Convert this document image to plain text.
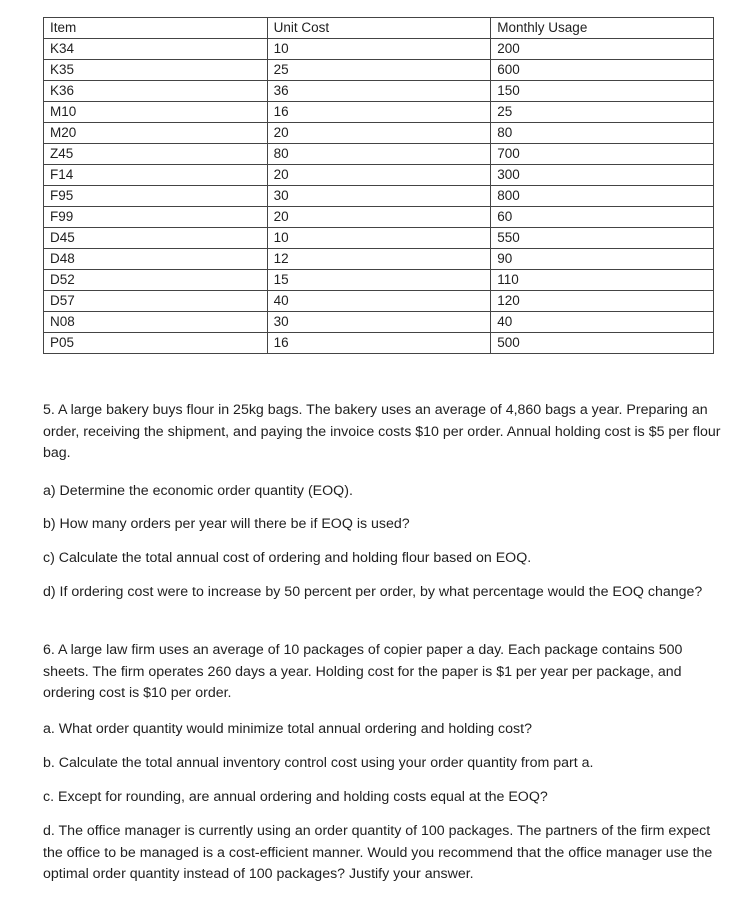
Item	Unit Cost	Monthly Usage
K34	10	200
K35	25	600
K36	36	150
M10	16	25
M20	20	80
Z45	80	700
F14	20	300
F95	30	800
F99	20	60
D45	10	550
D48	12	90
D52	15	110
D57	40	120
N08	30	40
P05	16	500

5. A large bakery buys flour in 25kg bags. The bakery uses an average of 4,860 bags a year. Preparing an order, receiving the shipment, and paying the invoice costs $10 per order. Annual holding cost is $5 per flour bag.

a) Determine the economic order quantity (EOQ).

b) How many orders per year will there be if EOQ is used?

c) Calculate the total annual cost of ordering and holding flour based on EOQ.

d) If ordering cost were to increase by 50 percent per order, by what percentage would the EOQ change?

6. A large law firm uses an average of 10 packages of copier paper a day. Each package contains 500 sheets. The firm operates 260 days a year. Holding cost for the paper is $1 per year per package, and ordering cost is $10 per order.

a. What order quantity would minimize total annual ordering and holding cost?

b. Calculate the total annual inventory control cost using your order quantity from part a.

c. Except for rounding, are annual ordering and holding costs equal at the EOQ?

d. The office manager is currently using an order quantity of 100 packages. The partners of the firm expect the office to be managed is a cost-efficient manner. Would you recommend that the office manager use the optimal order quantity instead of 100 packages? Justify your answer.
